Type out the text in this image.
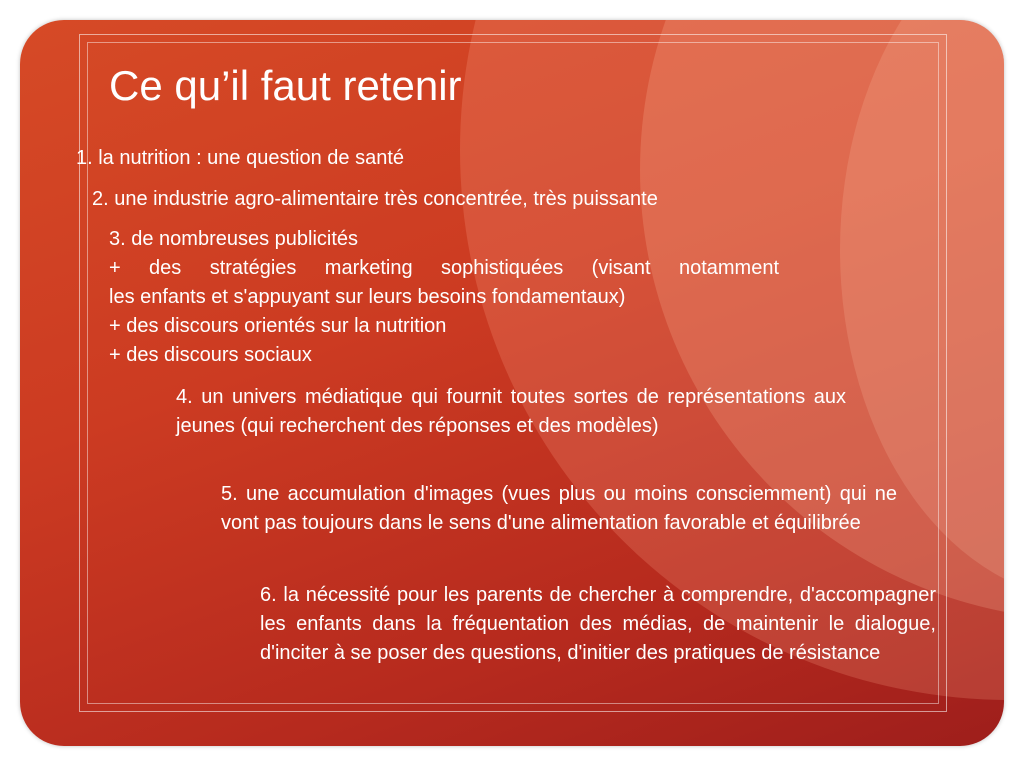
Ce qu’il faut retenir

1. la nutrition : une question de santé

2. une industrie agro-alimentaire très concentrée, très puissante

3. de nombreuses publicités
+ des stratégies marketing sophistiquées (visant notamment
les enfants et s'appuyant sur leurs besoins fondamentaux)
+ des discours orientés sur la nutrition
+ des discours sociaux

4. un univers médiatique qui fournit toutes sortes de représentations aux jeunes (qui recherchent des réponses et des modèles)

5. une accumulation d'images (vues plus ou moins consciemment) qui ne vont pas toujours dans le sens d'une alimentation favorable et équilibrée

6. la nécessité pour les parents de chercher à comprendre, d'accompagner les enfants dans la fréquentation des médias, de maintenir le dialogue, d'inciter à se poser des questions, d'initier des pratiques de résistance
